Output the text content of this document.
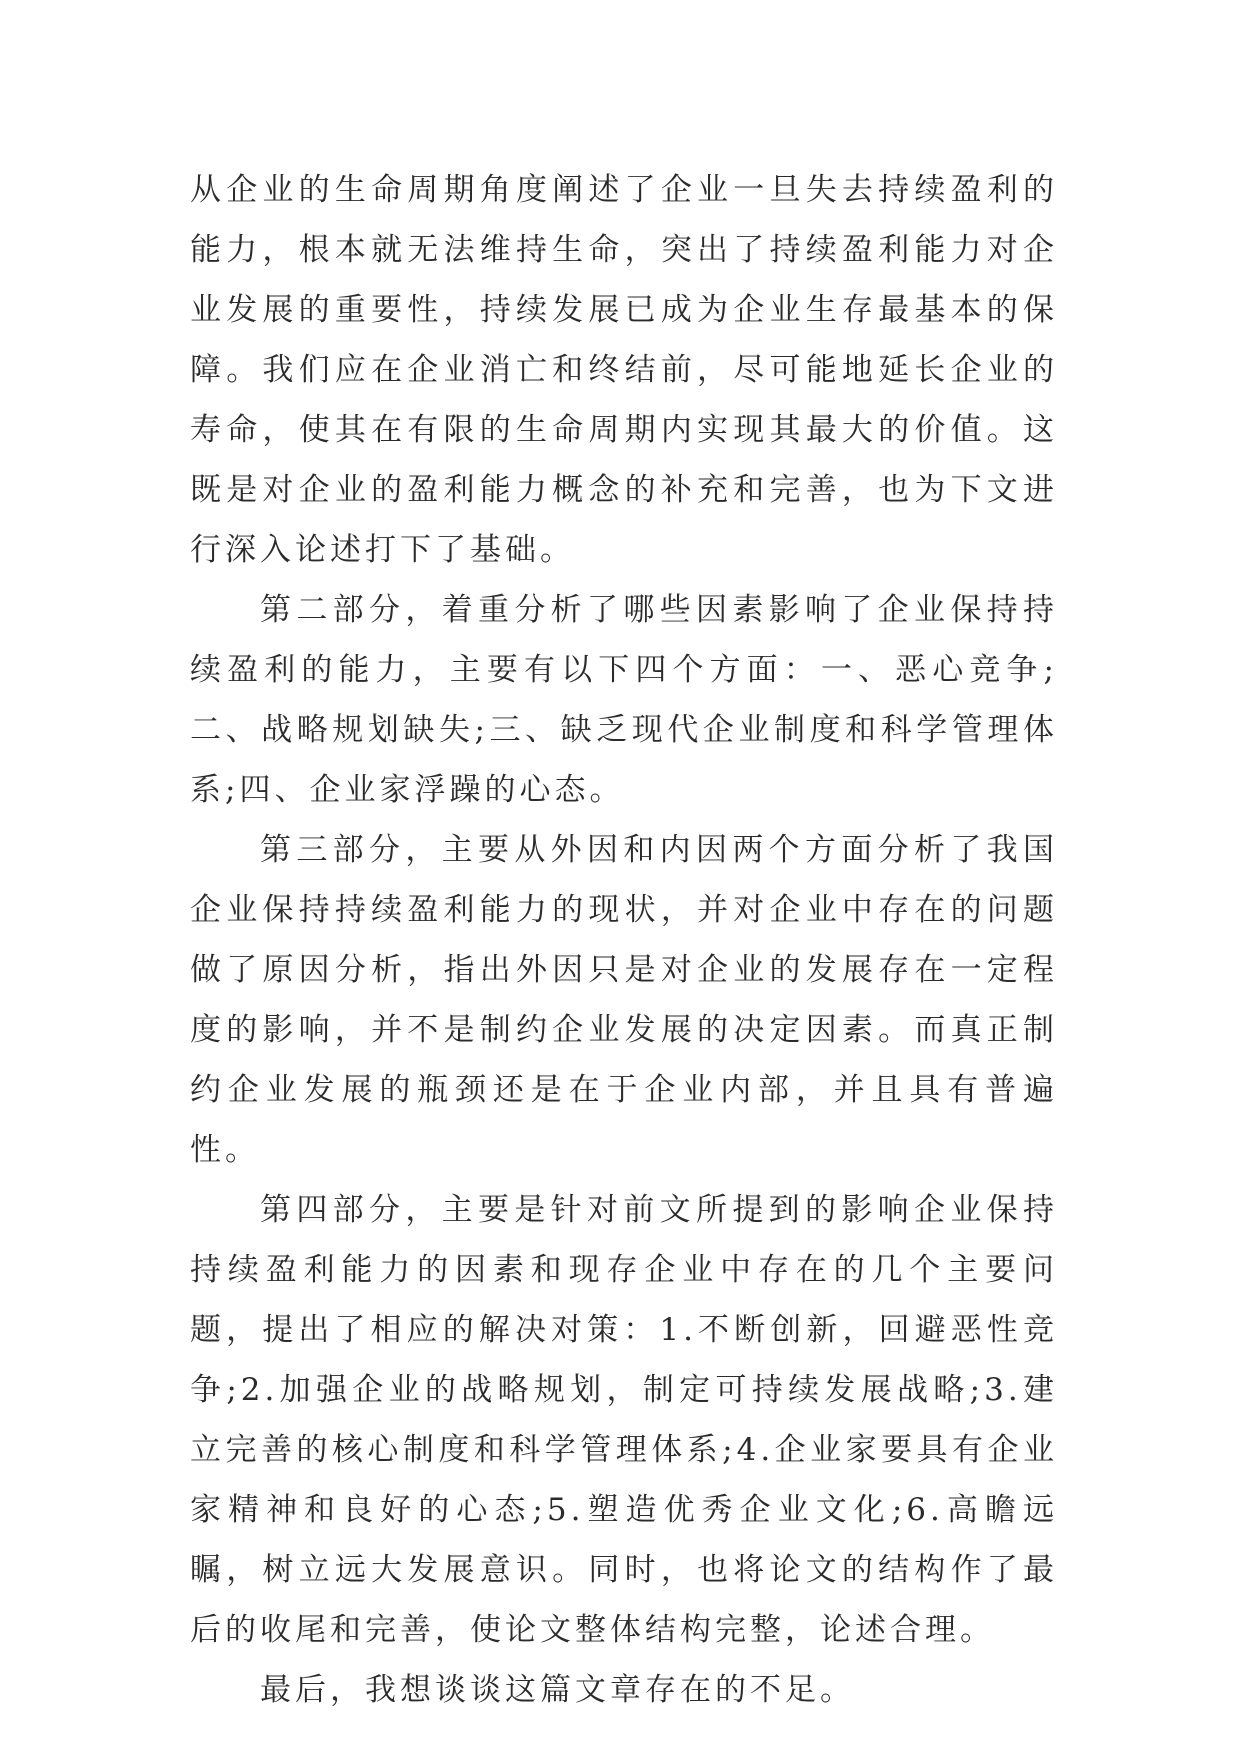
从企业的生命周期角度阐述了企业一旦失去持续盈利的能力，根本就无法维持生命，突出了持续盈利能力对企业发展的重要性，持续发展已成为企业生存最基本的保障。我们应在企业消亡和终结前，尽可能地延长企业的寿命，使其在有限的生命周期内实现其最大的价值。这既是对企业的盈利能力概念的补充和完善，也为下文进行深入论述打下了基础。

第二部分，着重分析了哪些因素影响了企业保持持续盈利的能力，主要有以下四个方面：一、恶心竞争;二、战略规划缺失;三、缺乏现代企业制度和科学管理体系;四、企业家浮躁的心态。

第三部分，主要从外因和内因两个方面分析了我国企业保持持续盈利能力的现状，并对企业中存在的问题做了原因分析，指出外因只是对企业的发展存在一定程度的影响，并不是制约企业发展的决定因素。而真正制约企业发展的瓶颈还是在于企业内部，并且具有普遍性。

第四部分，主要是针对前文所提到的影响企业保持持续盈利能力的因素和现存企业中存在的几个主要问题，提出了相应的解决对策：1.不断创新，回避恶性竞争;2.加强企业的战略规划，制定可持续发展战略;3.建立完善的核心制度和科学管理体系;4.企业家要具有企业家精神和良好的心态;5.塑造优秀企业文化;6.高瞻远瞩，树立远大发展意识。同时，也将论文的结构作了最后的收尾和完善，使论文整体结构完整，论述合理。

最后，我想谈谈这篇文章存在的不足。
